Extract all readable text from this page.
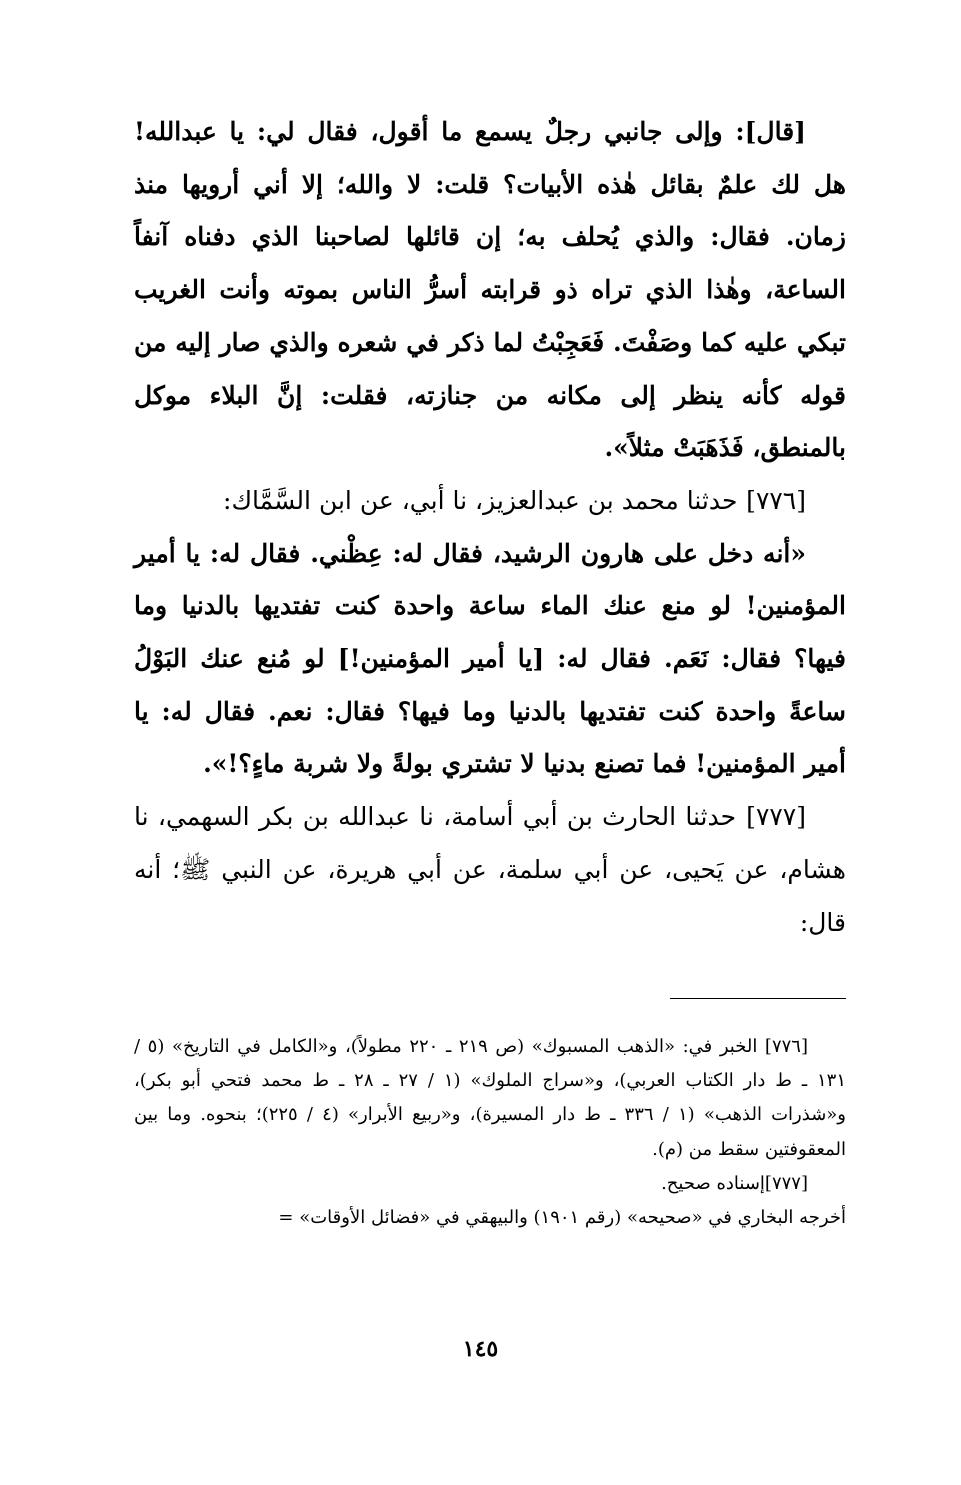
[قال]: وإلى جانبي رجلٌ يسمع ما أقول، فقال لي: يا عبدالله! هل لك علمٌ بقائل هٰذه الأبيات؟ قلت: لا والله؛ إلا أني أرويها منذ زمان. فقال: والذي يُحلف به؛ إن قائلها لصاحبنا الذي دفناه آنفاً الساعة، وهٰذا الذي تراه ذو قرابته أسرُّ الناس بموته وأنت الغريب تبكي عليه كما وصَفْتَ. فَعَجِبْتُ لما ذكر في شعره والذي صار إليه من قوله كأنه ينظر إلى مكانه من جنازته، فقلت: إنَّ البلاء موكل بالمنطق، فَذَهَبَتْ مثلاً».

[٧٧٦] حدثنا محمد بن عبدالعزيز، نا أبي، عن ابن السَّمَّاك:

«أنه دخل على هارون الرشيد، فقال له: عِظْني. فقال له: يا أمير المؤمنين! لو منع عنك الماء ساعة واحدة كنت تفتديها بالدنيا وما فيها؟ فقال: نَعَم. فقال له: [يا أمير المؤمنين!] لو مُنع عنك البَوْلُ ساعةً واحدة كنت تفتديها بالدنيا وما فيها؟ فقال: نعم. فقال له: يا أمير المؤمنين! فما تصنع بدنيا لا تشتري بولةً ولا شربة ماءٍ؟!».

[٧٧٧] حدثنا الحارث بن أبي أسامة، نا عبدالله بن بكر السهمي، نا هشام، عن يَحيى، عن أبي سلمة، عن أبي هريرة، عن النبي ﷺ؛ أنه قال:

[٧٧٦] الخبر في: «الذهب المسبوك» (ص ٢١٩ ـ ٢٢٠ مطولاً)، و«الكامل في التاريخ» (٥ / ١٣١ ـ ط دار الكتاب العربي)، و«سراج الملوك» (١ / ٢٧ ـ ٢٨ ـ ط محمد فتحي أبو بكر)، و«شذرات الذهب» (١ / ٣٣٦ ـ ط دار المسيرة)، و«ربيع الأبرار» (٤ / ٢٢٥)؛ بنحوه. وما بين المعقوفتين سقط من (م).

[٧٧٧]إسناده صحيح.

أخرجه البخاري في «صحيحه» (رقم ١٩٠١) والبيهقي في «فضائل الأوقات» =

١٤٥
